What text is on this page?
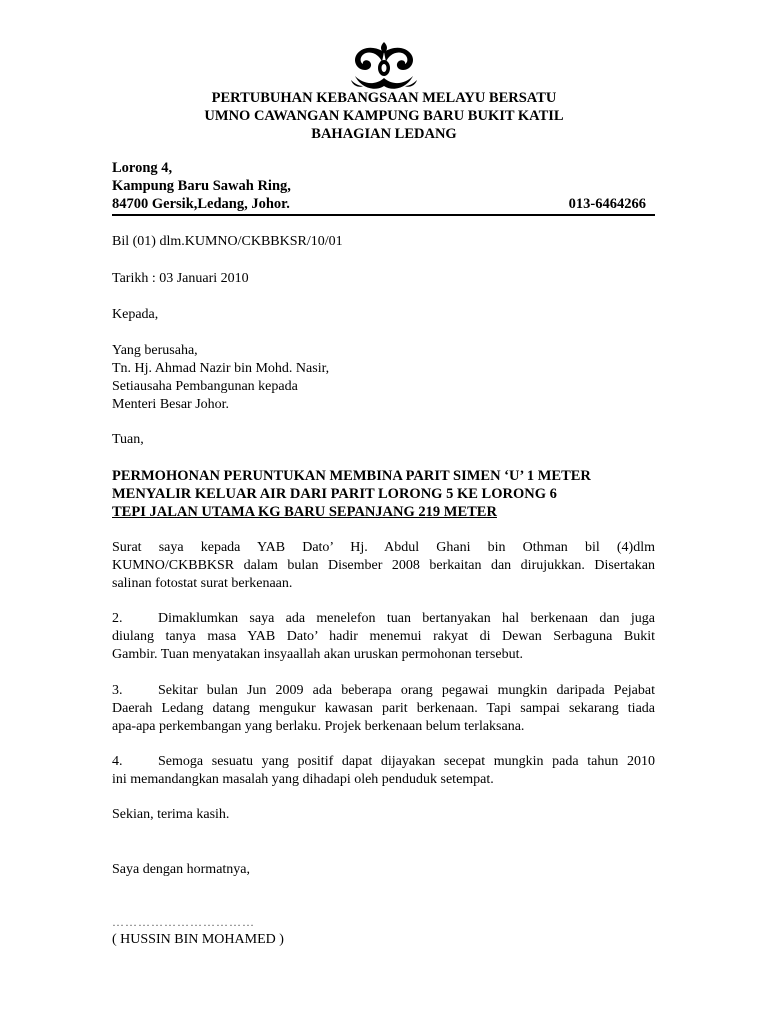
PERTUBUHAN KEBANGSAAN MELAYU BERSATU
UMNO CAWANGAN KAMPUNG BARU BUKIT KATIL
BAHAGIAN LEDANG
Lorong 4,
Kampung Baru Sawah Ring,
84700 Gersik,Ledang, Johor.	013-6464266
Bil (01) dlm.KUMNO/CKBBKSR/10/01
Tarikh : 03 Januari 2010
Kepada,
Yang berusaha,
Tn. Hj. Ahmad Nazir bin Mohd. Nasir,
Setiausaha Pembangunan kepada
Menteri Besar Johor.
Tuan,
PERMOHONAN PERUNTUKAN MEMBINA PARIT SIMEN ‘U’ 1 METER
MENYALIR KELUAR AIR DARI PARIT LORONG 5 KE LORONG 6
TEPI JALAN UTAMA KG BARU SEPANJANG 219 METER

Surat saya kepada YAB Dato’ Hj. Abdul Ghani bin Othman bil (4)dlm

KUMNO/CKBBKSR dalam bulan Disember 2008 berkaitan dan dirujukkan. Disertakan

salinan fotostat surat berkenaan.

2.	Dimaklumkan saya ada menelefon tuan bertanyakan hal berkenaan dan juga

diulang tanya masa YAB Dato’ hadir menemui rakyat di Dewan Serbaguna Bukit

Gambir. Tuan menyatakan insyaallah akan uruskan permohonan tersebut.

3.	Sekitar bulan Jun 2009 ada beberapa orang pegawai mungkin daripada Pejabat

Daerah Ledang datang mengukur kawasan parit berkenaan. Tapi sampai sekarang tiada

apa-apa perkembangan yang berlaku. Projek berkenaan belum terlaksana.

4.	Semoga sesuatu yang positif dapat dijayakan secepat mungkin pada tahun 2010

ini memandangkan masalah yang dihadapi oleh penduduk setempat.

Sekian, terima kasih.
Saya dengan hormatnya,
……………………………
( HUSSIN BIN MOHAMED )
